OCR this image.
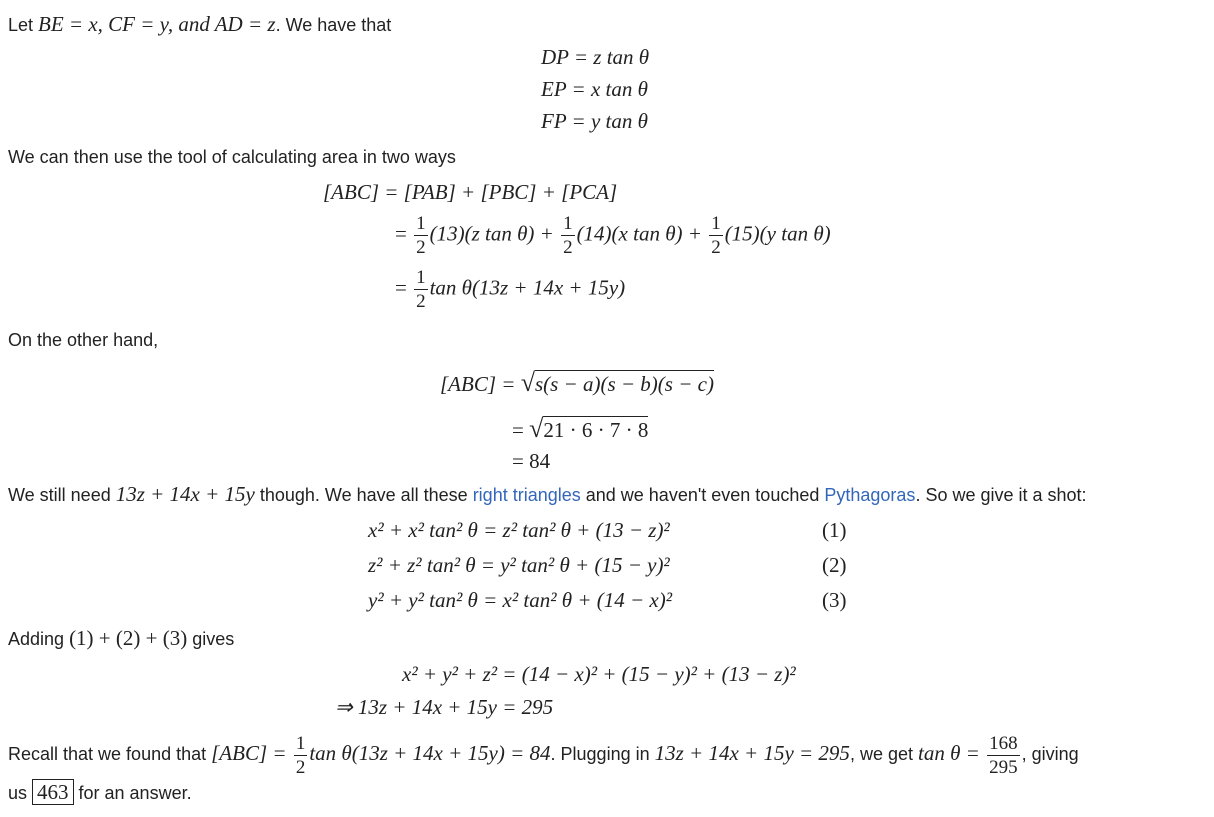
Let BE = x, CF = y, and AD = z. We have that
DP = z tan θ
EP = x tan θ
FP = y tan θ
We can then use the tool of calculating area in two ways
[ABC] = [PAB] + [PBC] + [PCA]
= $\frac{1}{2} (13)(z$ $\tan \theta) + \frac{1}{2} (14)(x$ $\tan \theta) + \frac{1}{2} (15)(y$ tan θ)
= $\frac{1}{2}$ tan θ(13z + 14x + 15y)
On the other hand,
[ABC] = √s(s − a)(s − b)(s − c)
= √21 · 6 · 7 · 8
= 84
We still need 13z + 14x + 15y though. We have all these right triangles and we haven't even touched Pythagoras. So we give it a shot:
x² + x² tan² θ = z² tan² θ + (13 − z)²	(1)
z² + z² tan² θ = y² tan² θ + (15 − y)²	(2)
y² + y² tan² θ = x² tan² θ + (14 − x)²	(3)
Adding (1) + (2) + (3) gives
x² + y² + z² = (14 − x)² + (15 − y)² + (13 − z)²
⇒ 13z + 14x + 15y = 295
Recall that we found that $[ABC] = \frac{1}{2}$ tan θ(13z + 14x + 15y) = 84. Plugging in 13z + 14x + 15y = 295, we get $\tan \theta = \frac{168}{295}$ , giving
us 463 for an answer.
